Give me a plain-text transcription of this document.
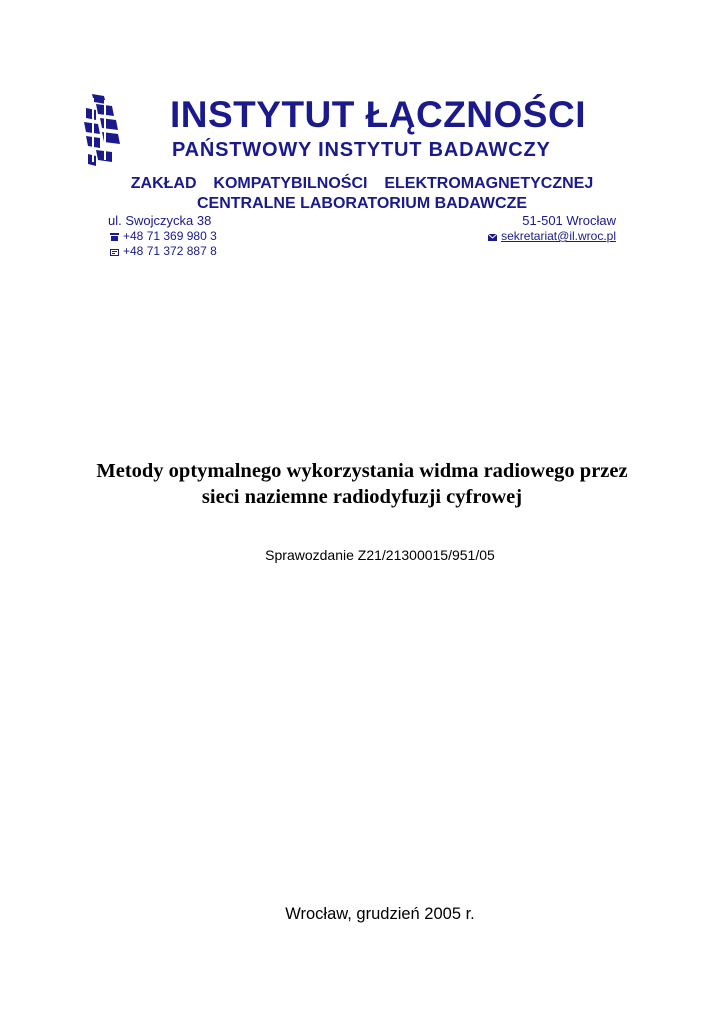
INSTYTUT ŁĄCZNOŚCI
PAŃSTWOWY INSTYTUT BADAWCZY
ZAKŁAD  KOMPATYBILNOŚCI  ELEKTROMAGNETYCZNEJ
CENTRALNE LABORATORIUM BADAWCZE
ul. Swojczycka 38	51-501 Wrocław
+48 71 369 980 3
+48 71 372 887 8
sekretariat@il.wroc.pl
Metody optymalnego wykorzystania widma radiowego przez
sieci naziemne radiodyfuzji cyfrowej
Sprawozdanie Z21/21300015/951/05
Wrocław, grudzień 2005 r.
